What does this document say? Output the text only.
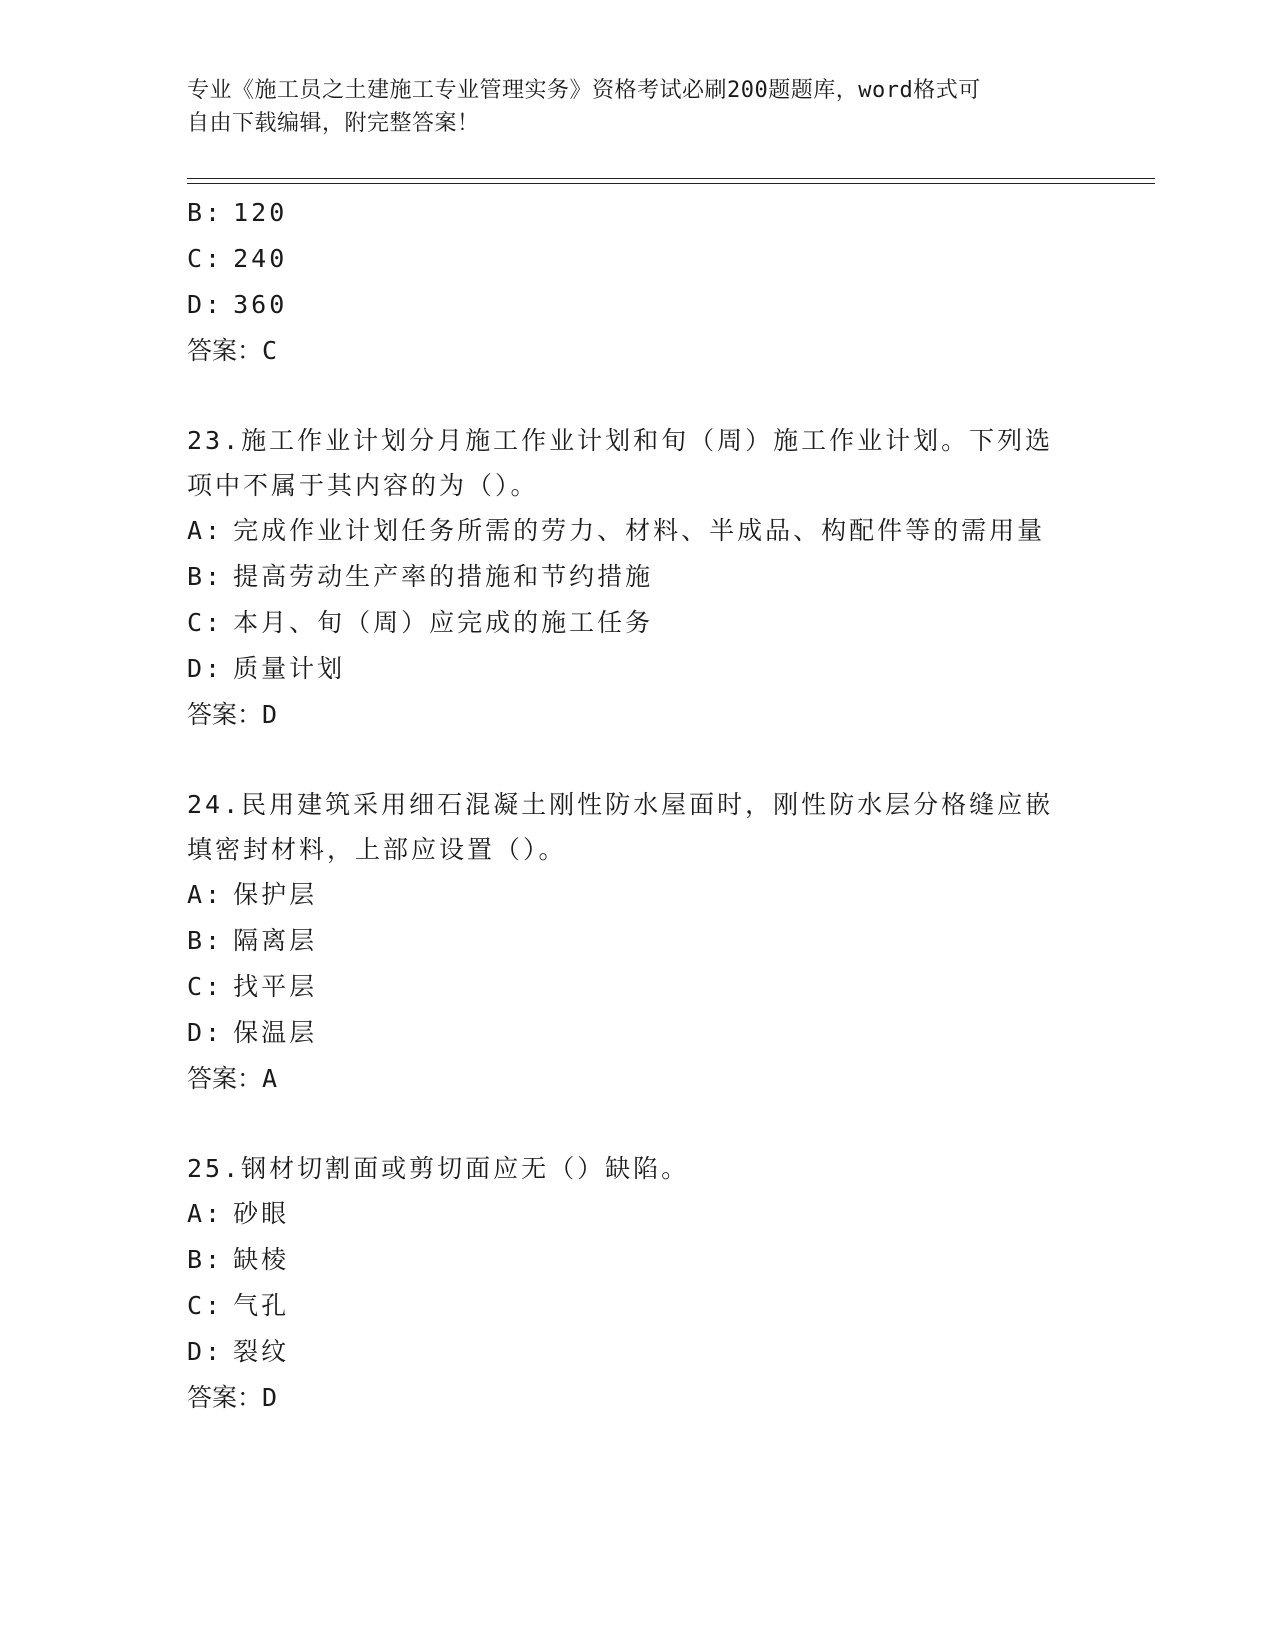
专业《施工员之土建施工专业管理实务》资格考试必刷200题题库，word格式可
自由下载编辑，附完整答案！
B: 120
C: 240
D: 360
答案：C
23.施工作业计划分月施工作业计划和旬（周）施工作业计划。下列选
项中不属于其内容的为（）。
A: 完成作业计划任务所需的劳力、材料、半成品、构配件等的需用量
B: 提高劳动生产率的措施和节约措施
C: 本月、旬（周）应完成的施工任务
D: 质量计划
答案：D
24.民用建筑采用细石混凝土刚性防水屋面时，刚性防水层分格缝应嵌
填密封材料，上部应设置（）。
A: 保护层
B: 隔离层
C: 找平层
D: 保温层
答案：A
25.钢材切割面或剪切面应无（）缺陷。
A: 砂眼
B: 缺棱
C: 气孔
D: 裂纹
答案：D
